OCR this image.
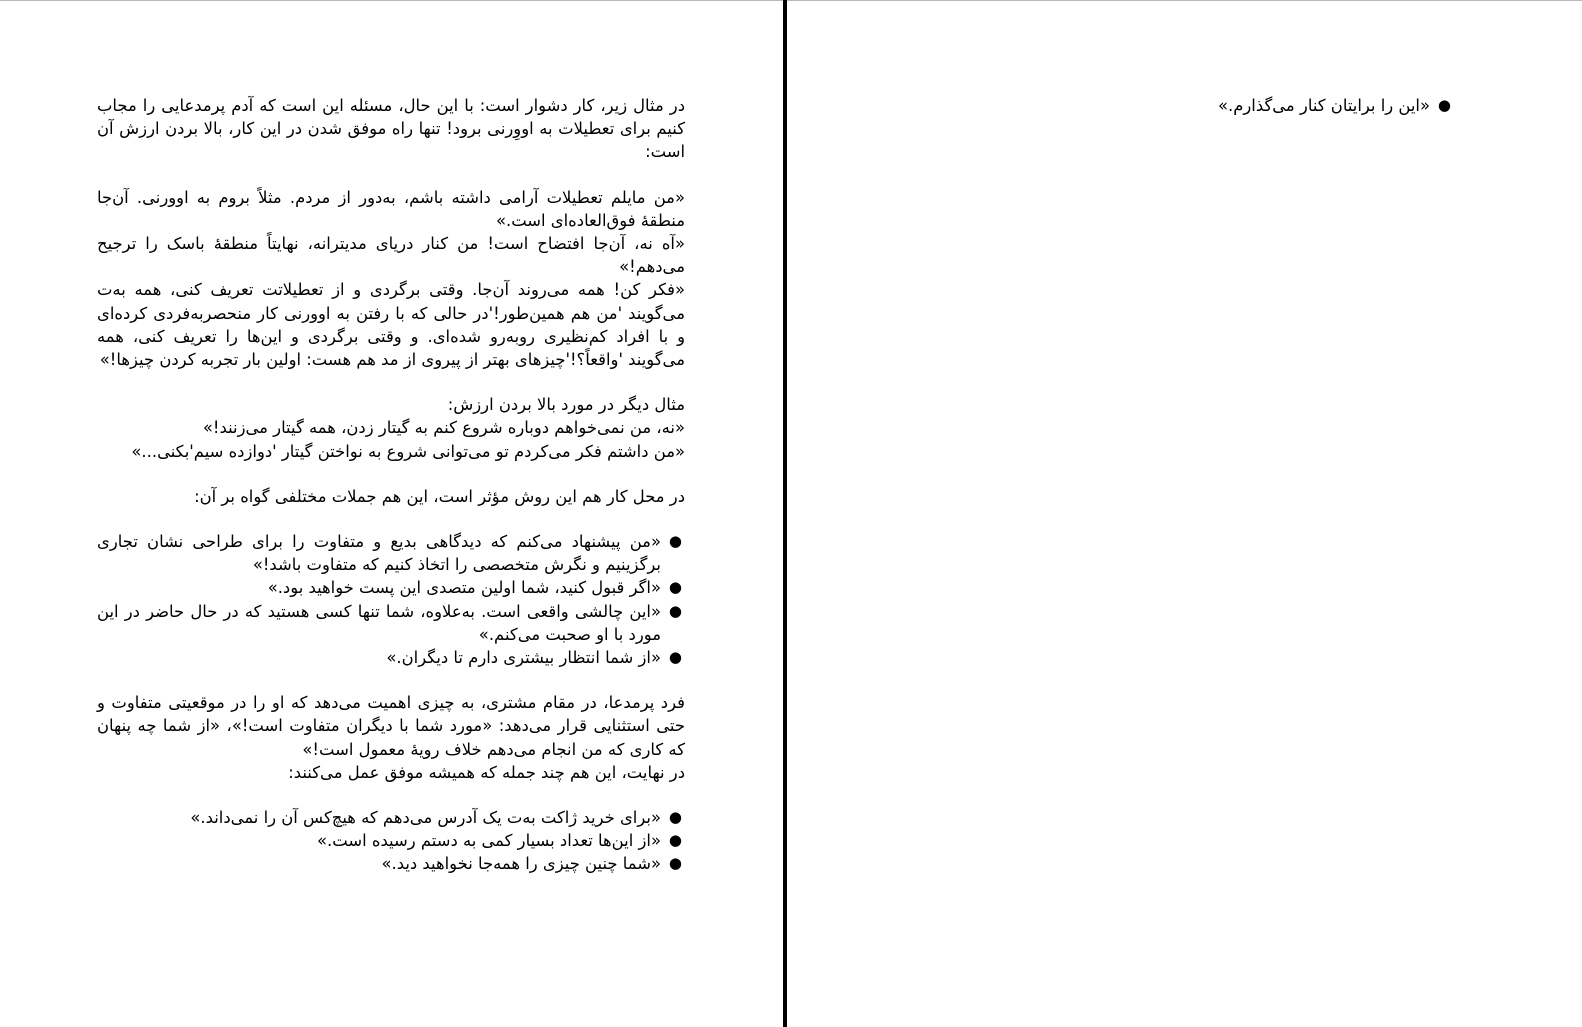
در مثال زیر، کار دشوار است: با این حال، مسئله این است که آدم پرمدعایی را مجاب کنیم برای تعطیلات به اووِرنی برود! تنها راه موفق شدن در این کار، بالا بردن ارزش آن است:
«من مایلم تعطیلات آرامی داشته باشم، به‌دور از مردم. مثلاً بروم به اوورنی. آن‌جا منطقهٔ فوق‌العاده‌ای است.»
«آه نه، آن‌جا افتضاح است! من کنار دریای مدیترانه، نهایتاً منطقهٔ باسک را ترجیح می‌دهم!»
«فکر کن! همه می‌روند آن‌جا. وقتی برگردی و از تعطیلاتت تعریف کنی، همه به‌ت می‌گویند 'من هم همین‌طور!'در حالی که با رفتن به اوورنی کار منحصربه‌فردی کرده‌ای و با افراد کم‌نظیری روبه‌رو شده‌ای. و وقتی برگردی و این‌ها را تعریف کنی، همه می‌گویند 'واقعاً؟!'چیزهای بهتر از پیروی از مد هم هست: اولین بار تجربه کردن چیزها!»
مثال دیگر در مورد بالا بردن ارزش:
«نه، من نمی‌خواهم دوباره شروع کنم به گیتار زدن، همه گیتار می‌زنند!»
«من داشتم فکر می‌کردم تو می‌توانی شروع به نواختن گیتار 'دوازده سیم'بکنی...»
در محل کار هم این روش مؤثر است، این هم جملات مختلفی گواه بر آن:
●
«من پیشنهاد می‌کنم که دیدگاهی بدیع و متفاوت را برای طراحی نشان تجاری برگزینیم و نگرش متخصصی را اتخاذ کنیم که متفاوت باشد!»
●
«اگر قبول کنید، شما اولین متصدی این پست خواهید بود.»
●
«این چالشی واقعی است. به‌علاوه، شما تنها کسی هستید که در حال حاضر در این مورد با او صحبت می‌کنم.»
●
«از شما انتظار بیشتری دارم تا دیگران.»
فرد پرمدعا، در مقام مشتری، به چیزی اهمیت می‌دهد که او را در موقعیتی متفاوت و حتی استثنایی قرار می‌دهد: «مورد شما با دیگران متفاوت است!»، «از شما چه پنهان که کاری که من انجام می‌دهم خلاف رویهٔ معمول است!»
در نهایت، این هم چند جمله که همیشه موفق عمل می‌کنند:
●
«برای خرید ژاکت به‌ت یک آدرس می‌دهم که هیچ‌کس آن را نمی‌داند.»
●
«از این‌ها تعداد بسیار کمی به دستم رسیده است.»
●
«شما چنین چیزی را همه‌جا نخواهید دید.»
●
«این را برایتان کنار می‌گذارم.»
